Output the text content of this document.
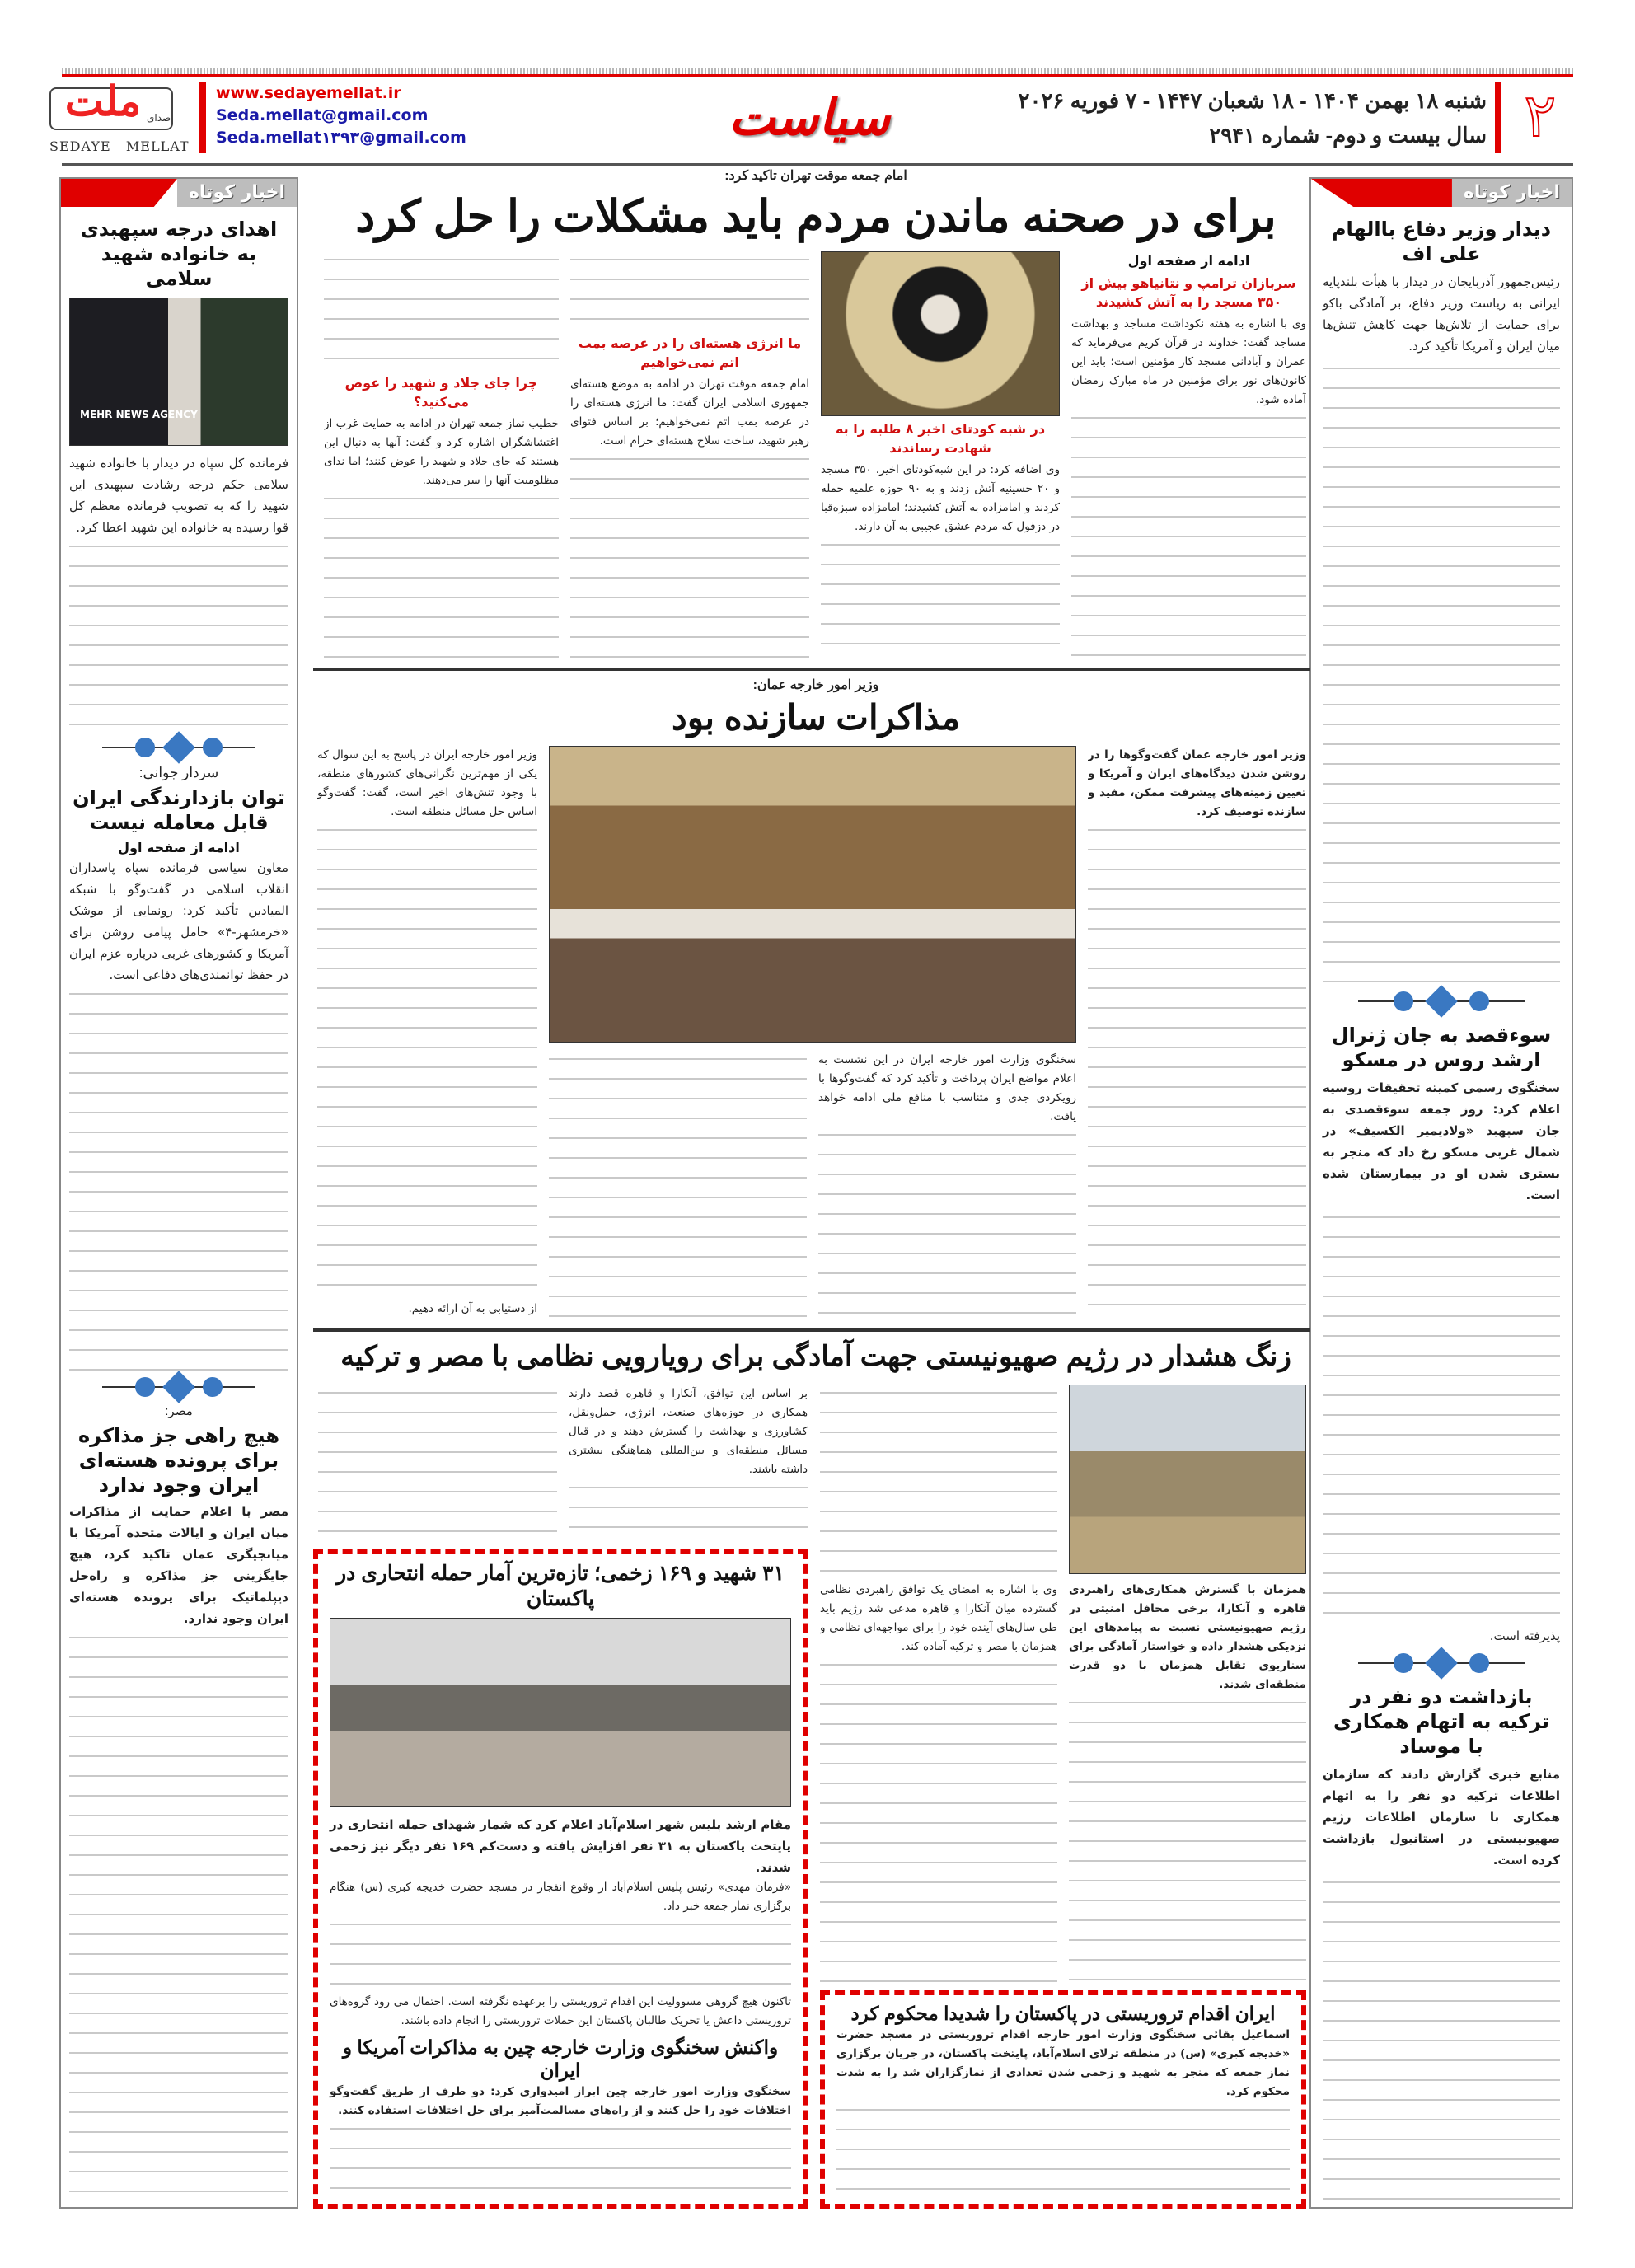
۲
شنبه ۱۸ بهمن ۱۴۰۴ - ۱۸ شعبان ۱۴۴۷ - ۷ فوریه ۲۰۲۶
سال بیست و دوم- شماره ۲۹۴۱
سیاست
www.sedayemellat.ir
Seda.mellat@gmail.com
Seda.mellat۱۳۹۳@gmail.com
ملت صدای
SEDAYE   MELLAT
اخبار کوتاه
دیدار وزیر دفاع باالهام علی اف
رئیس‌جمهور آذربایجان در دیدار با هیأت بلندپایه ایرانی به ریاست وزیر دفاع، بر آمادگی باکو برای حمایت از تلاش‌ها جهت کاهش تنش‌ها میان ایران و آمریکا تأکید کرد.
سوءقصد به جان ژنرال ارشد روس در مسکو
سخنگوی رسمی کمیته تحقیقات روسیه اعلام کرد: روز جمعه سوءقصدی به جان سپهبد «ولادیمیر الکسیف» در شمال غربی مسکو رخ داد که منجر به بستری شدن او در بیمارستان شده است.
پذیرفته است.
بازداشت دو نفر در ترکیه به اتهام همکاری با موساد
منابع خبری گزارش دادند که سازمان اطلاعات ترکیه دو نفر را به اتهام همکاری با سازمان اطلاعات رژیم صهیونیستی در استانبول بازداشت کرده است.
اخبار کوتاه
اهدای درجه سپهبدی به خانواده شهید سلامی
MEHR NEWS AGENCY
فرمانده کل سپاه در دیدار با خانواده شهید سلامی حکم درجه رشادت سپهبدی این شهید را که به تصویب فرمانده معظم کل قوا رسیده به خانواده این شهید اعطا کرد.
سردار جوانی:
توان بازدارندگی ایران قابل معامله نیست
ادامه از صفحه اول
معاون سیاسی فرمانده سپاه پاسداران انقلاب اسلامی در گفت‌وگو با شبکه المیادین تأکید کرد: رونمایی از موشک «خرمشهر-۴» حامل پیامی روشن برای آمریکا و کشورهای غربی درباره عزم ایران در حفظ توانمندی‌های دفاعی است.
مصر:
هیچ راهی جز مذاکره برای پرونده هسته‌ای ایران وجود ندارد
مصر با اعلام حمایت از مذاکرات میان ایران و ایالات متحده آمریکا با میانجیگری عمان تاکید کرد، هیچ جایگزینی جز مذاکره و راه‌حل دیپلماتیک برای پرونده هسته‌ای ایران وجود ندارد.
امام جمعه موقت تهران تاکید کرد:
برای در صحنه ماندن مردم باید مشکلات را حل کرد
ادامه از صفحه اول
سربازان ترامپ و نتانیاهو بیش از ۳۵۰ مسجد را به آتش کشیدند
وی با اشاره به هفته نکوداشت مساجد و بهداشت مساجد گفت: خداوند در قرآن کریم می‌فرماید که عمران و آبادانی مسجد کار مؤمنین است؛ باید این کانون‌های نور برای مؤمنین در ماه مبارک رمضان آماده شود.
در شبه کودتای اخیر ۸ طلبه را به شهادت رساندند
وی اضافه کرد: در این شبه‌کودتای اخیر، ۳۵۰ مسجد و ۲۰ حسینیه آتش زدند و به ۹۰ حوزه علمیه حمله کردند و امامزاده به آتش کشیدند؛ امامزاده سبزه‌قبا در دزفول که مردم عشق عجیبی به آن دارند.
ما انرژی هسته‌ای را در عرصه بمب اتم نمی‌خواهیم
امام جمعه موقت تهران در ادامه به موضع هسته‌ای جمهوری اسلامی ایران گفت: ما انرژی هسته‌ای را در عرصه بمب اتم نمی‌خواهیم؛ بر اساس فتوای رهبر شهید، ساخت سلاح هسته‌ای حرام است.
چرا جای جلاد و شهید را عوض می‌کنید؟
خطیب نماز جمعه تهران در ادامه به حمایت غرب از اغتشاشگران اشاره کرد و گفت: آنها به دنبال این هستند که جای جلاد و شهید را عوض کنند؛ اما ندای مظلومیت آنها را سر می‌دهند.
وزیر امور خارجه عمان:
مذاکرات سازنده بود
وزیر امور خارجه عمان گفت‌وگوها را در روشن شدن دیدگاه‌های ایران و آمریکا و تعیین زمینه‌های پیشرفت ممکن، مفید و سازنده توصیف کرد.
سخنگوی وزارت امور خارجه ایران در این نشست به اعلام مواضع ایران پرداخت و تأکید کرد که گفت‌وگوها با رویکردی جدی و متناسب با منافع ملی ادامه خواهد یافت.
وزیر امور خارجه ایران در پاسخ به این سوال که یکی از مهم‌ترین نگرانی‌های کشورهای منطقه، با وجود تنش‌های اخیر است، گفت: گفت‌وگو اساس حل مسائل منطقه است.
از دستیابی به آن ارائه دهیم.
زنگ هشدار در رژیم صهیونیستی جهت آمادگی برای رویارویی نظامی با مصر و ترکیه
همزمان با گسترش همکاری‌های راهبردی قاهره و آنکارا، برخی محافل امنیتی در رژیم صهیونیستی نسبت به پیامدهای این نزدیکی هشدار داده و خواستار آمادگی برای سناریوی تقابل همزمان با دو قدرت منطقه‌ای شدند.
وی با اشاره به امضای یک توافق راهبردی نظامی گسترده میان آنکارا و قاهره مدعی شد رژیم باید طی سال‌های آینده خود را برای مواجهه‌ای نظامی و همزمان با مصر و ترکیه آماده کند.
بر اساس این توافق، آنکارا و قاهره قصد دارند همکاری در حوزه‌های صنعت، انرژی، حمل‌ونقل، کشاورزی و بهداشت را گسترش دهند و در قبال مسائل منطقه‌ای و بین‌المللی هماهنگی بیشتری داشته باشند.
۳۱ شهید و ۱۶۹ زخمی؛ تازه‌ترین آمار حمله انتحاری در پاکستان
مقام ارشد پلیس شهر اسلام‌آباد اعلام کرد که شمار شهدای حمله انتحاری در پایتخت پاکستان به ۳۱ نفر افزایش یافته و دست‌کم ۱۶۹ نفر دیگر نیز زخمی شدند.
«فرمان مهدی» رئیس پلیس اسلام‌آباد از وقوع انفجار در مسجد حضرت خدیجه کبری (س) هنگام برگزاری نماز جمعه خبر داد.
تاکنون هیچ گروهی مسوولیت این اقدام تروریستی را برعهده نگرفته است. احتمال می رود گروه‌های تروریستی داعش یا تحریک طالبان پاکستان این حملات تروریستی را انجام داده باشند.
واکنش سخنگوی وزارت خارجه چین به مذاکرات آمریکا و ایران
سخنگوی وزارت امور خارجه چین ابراز امیدواری کرد: دو طرف از طریق گفت‌وگو اختلافات خود را حل کنند و از راه‌های مسالمت‌آمیز برای حل اختلافات استفاده کنند.
ایران اقدام تروریستی در پاکستان را شدیدا محکوم کرد
اسماعیل بقائی سخنگوی وزارت امور خارجه اقدام تروریستی در مسجد حضرت «خدیجه کبری» (س) در منطقه ترلای اسلام‌آباد، پایتخت پاکستان، در جریان برگزاری نماز جمعه که منجر به شهید و زخمی شدن تعدادی از نمازگزاران شد را به شدت محکوم کرد.
